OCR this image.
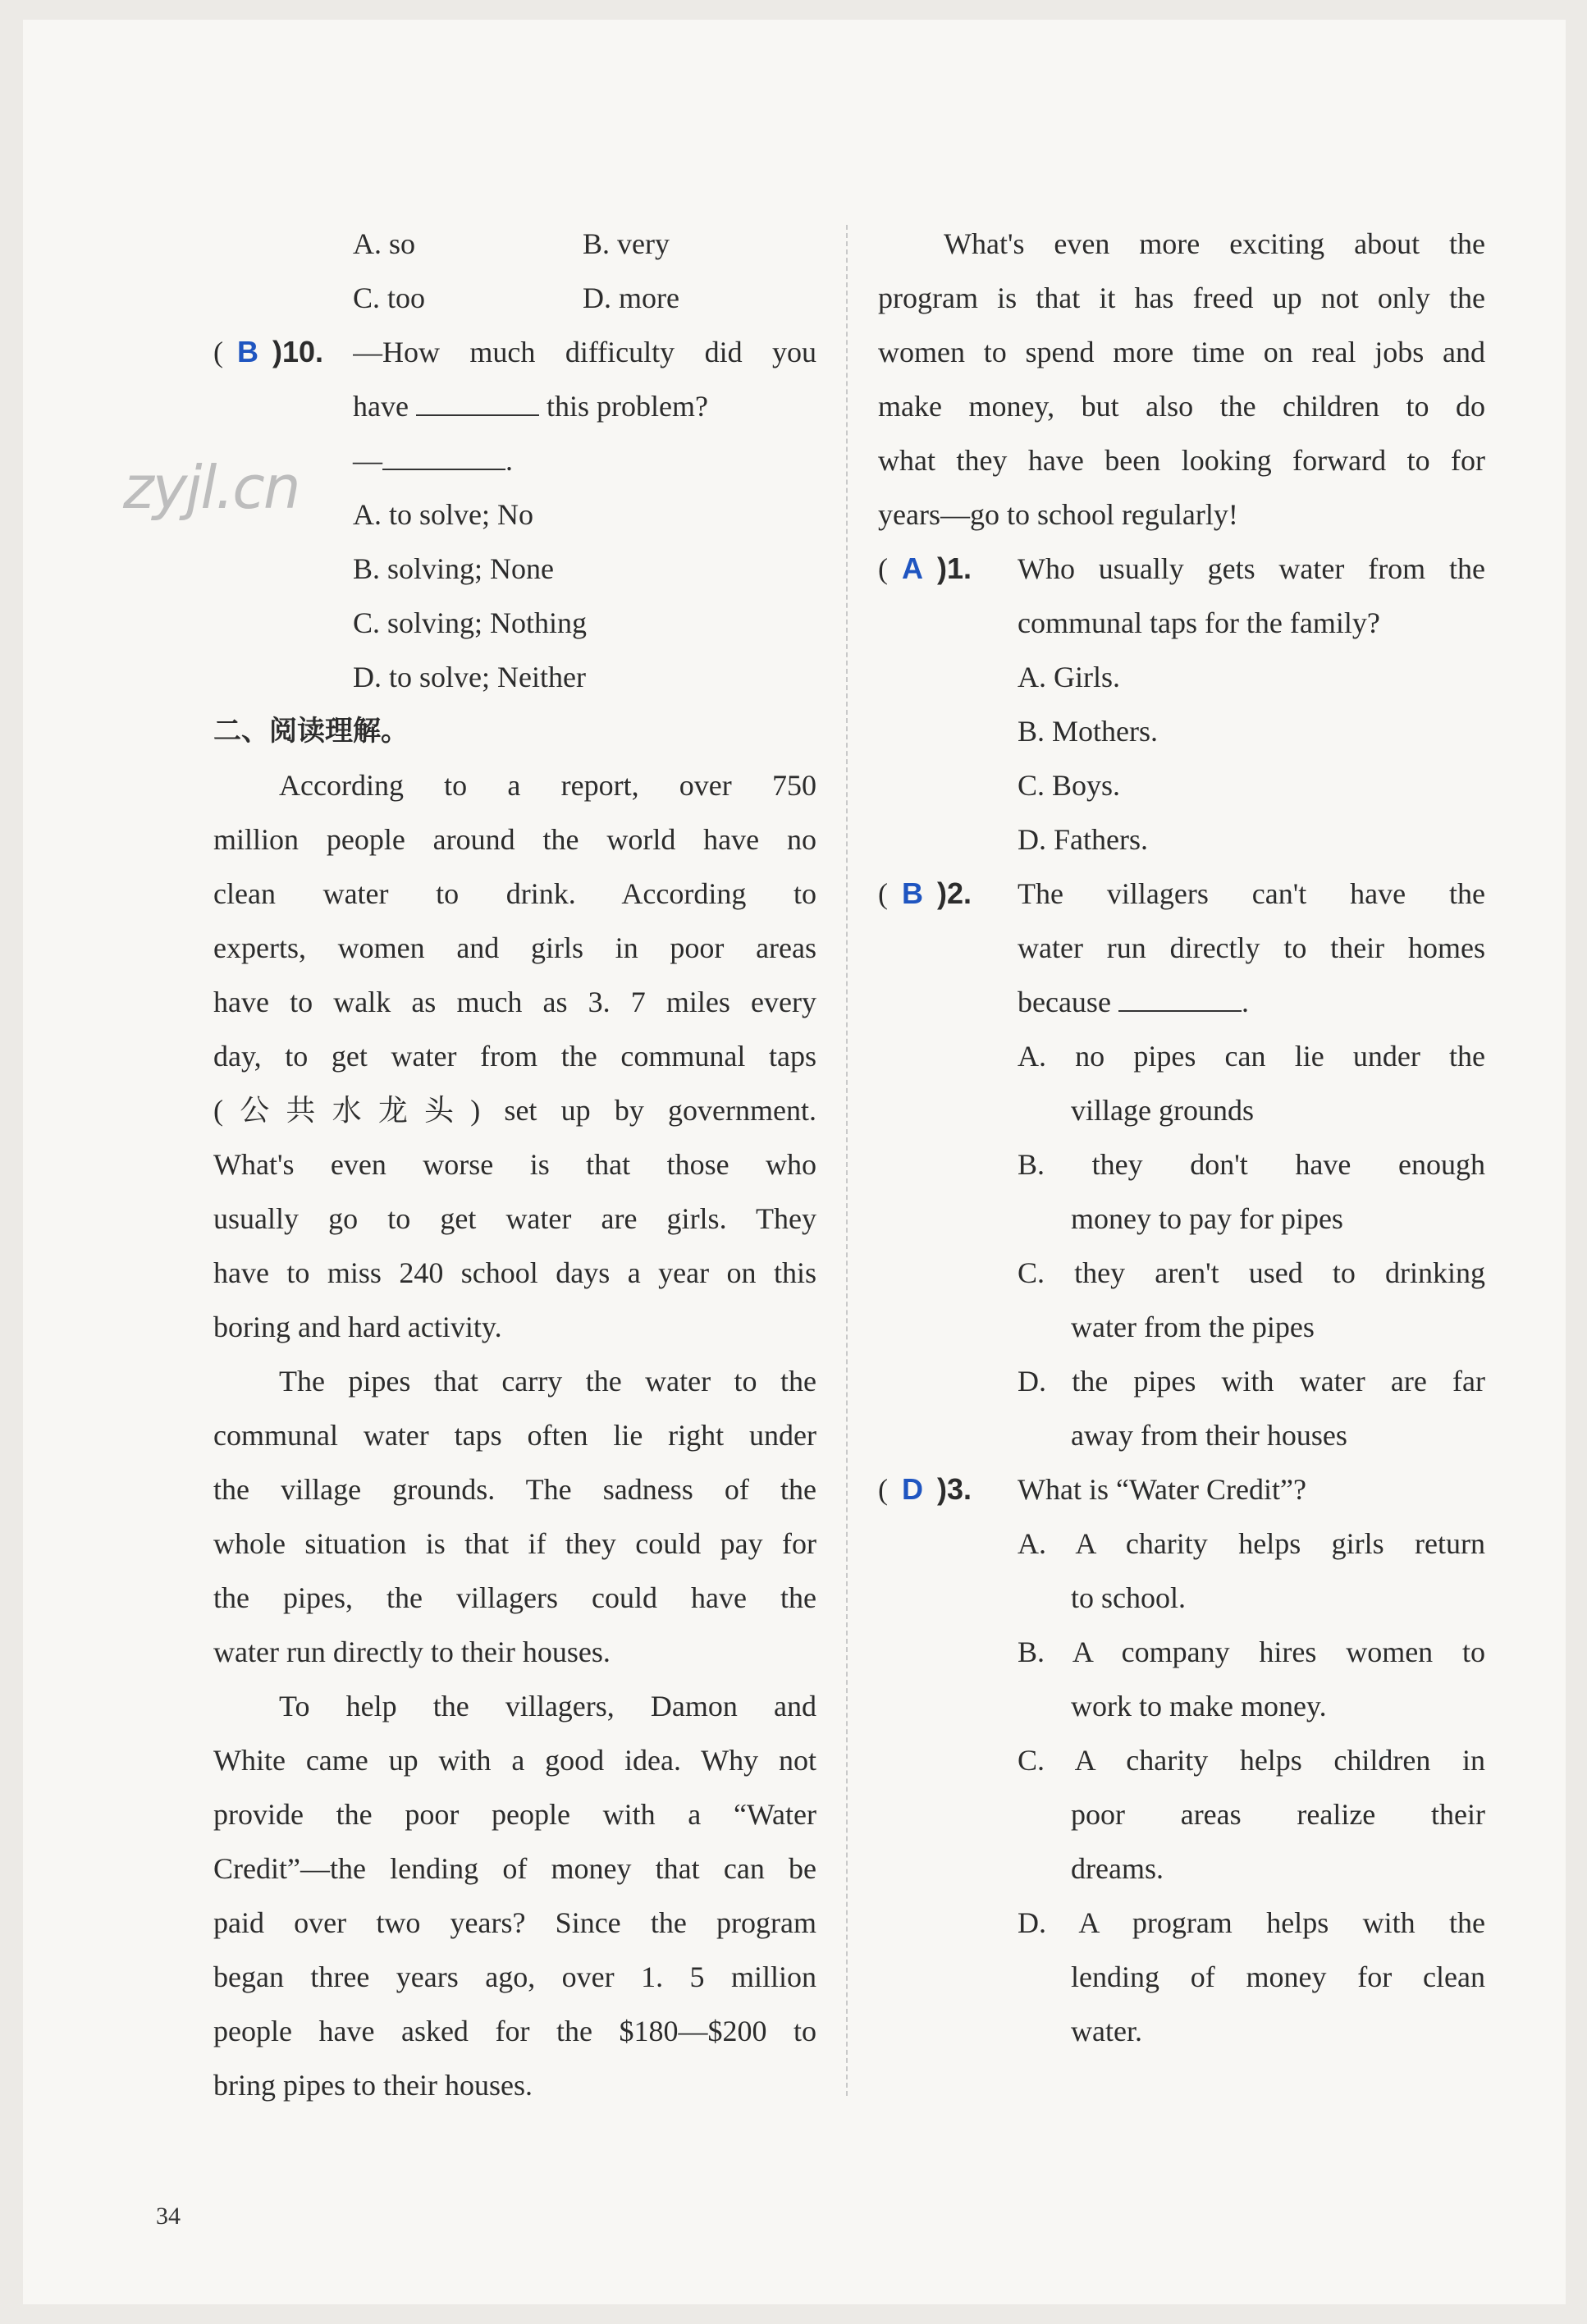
zyjl.cn
A. so	B. very
C. too	D. more
( B )10. —How much difficulty did you
have	this problem?
—	.
A. to solve; No
B. solving; None
C. solving; Nothing
D. to solve; Neither
二、阅读理解。
According to a report, over 750
million people around the world have no
clean water to drink. According to
experts, women and girls in poor areas
have to walk as much as 3. 7 miles every
day, to get water from the communal taps
(公共水龙头) set up by government.
What's even worse is that those who
usually go to get water are girls. They
have to miss 240 school days a year on this
boring and hard activity.
The pipes that carry the water to the
communal water taps often lie right under
the village grounds. The sadness of the
whole situation is that if they could pay for
the pipes, the villagers could have the
water run directly to their houses.
To help the villagers, Damon and
White came up with a good idea. Why not
provide the poor people with a “Water
Credit”—the lending of money that can be
paid over two years? Since the program
began three years ago, over 1. 5 million
people have asked for the $180—$200 to
bring pipes to their houses.
What's even more exciting about the
program is that it has freed up not only the
women to spend more time on real jobs and
make money, but also the children to do
what they have been looking forward to for
years—go to school regularly!
( A )1.	Who usually gets water from the
communal taps for the family?
A. Girls.
B. Mothers.
C. Boys.
D. Fathers.
( B )2.	The villagers can't have the
water run directly to their homes
because	.
A. no pipes can lie under the
village grounds
B. they don't have enough
money to pay for pipes
C. they aren't used to drinking
water from the pipes
D. the pipes with water are far
away from their houses
( D )3.	What is “Water Credit”?
A. A charity helps girls return
to school.
B. A company hires women to
work to make money.
C. A charity helps children in
poor areas realize their
dreams.
D. A program helps with the
lending of money for clean
water.
34
